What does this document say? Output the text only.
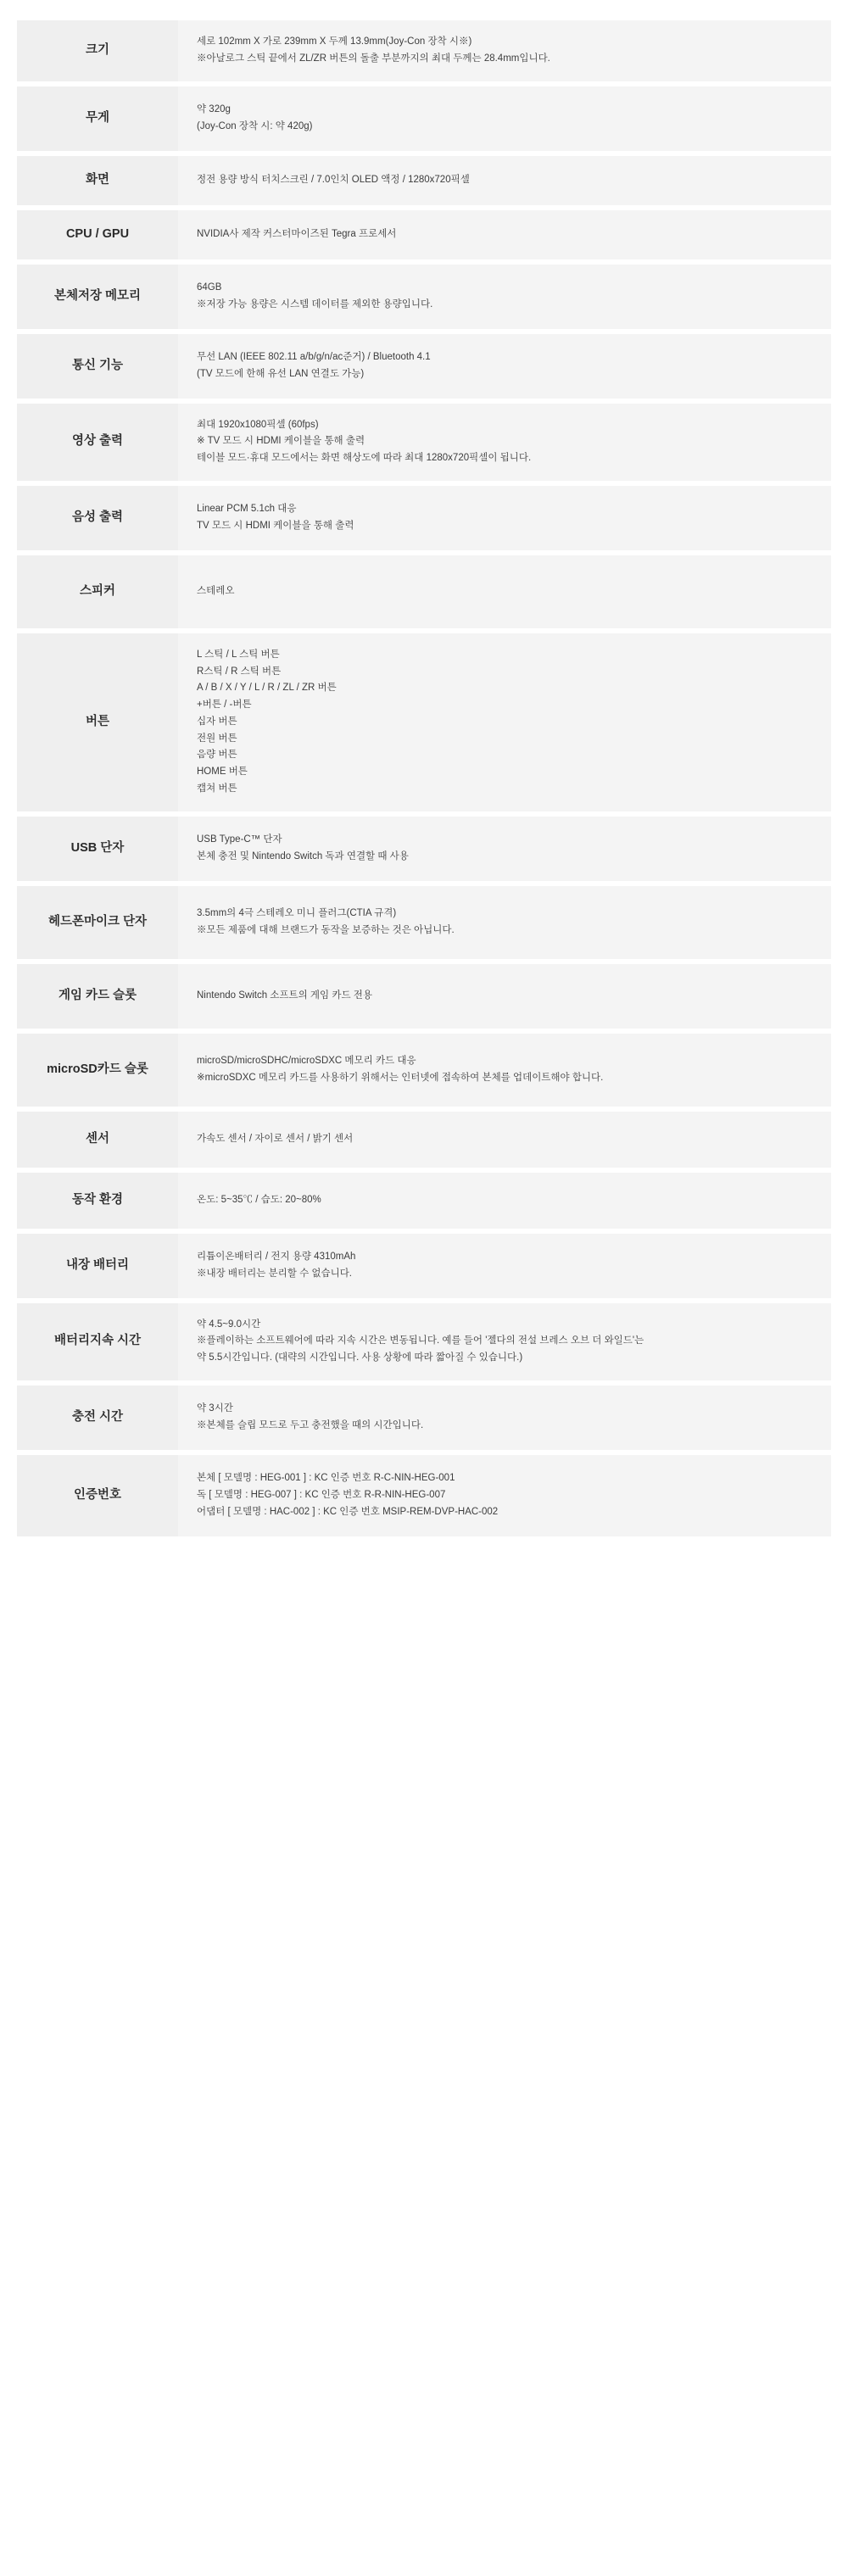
크기	세로 102mm X 가로 239mm X 두께 13.9mm(Joy-Con 장착 시※)
※아날로그 스틱 끝에서 ZL/ZR 버튼의 돌출 부분까지의 최대 두께는 28.4mm입니다.

무게	약 320g
(Joy-Con 장착 시: 약 420g)

화면	정전 용량 방식 터치스크린 / 7.0인치 OLED 액정 / 1280x720픽셀

CPU / GPU	NVIDIA사 제작 커스터마이즈된 Tegra 프로세서

본체저장 메모리	64GB
※저장 가능 용량은 시스템 데이터를 제외한 용량입니다.

통신 기능	무선 LAN (IEEE 802.11 a/b/g/n/ac준거) / Bluetooth 4.1
(TV 모드에 한해 유선 LAN 연결도 가능)

영상 출력	최대 1920x1080픽셀 (60fps)
※ TV 모드 시 HDMI 케이블을 통해 출력
테이블 모드·휴대 모드에서는 화면 해상도에 따라 최대 1280x720픽셀이 됩니다.

음성 출력	Linear PCM 5.1ch 대응
TV 모드 시 HDMI 케이블을 통해 출력

스피커	스테레오

버튼	
L 스틱 / L 스틱 버튼
R스틱 / R 스틱 버튼
A / B / X / Y / L / R / ZL / ZR 버튼
+버튼 / -버튼
십자 버튼
전원 버튼
음량 버튼
HOME 버튼
캡쳐 버튼

USB 단자	USB Type-C™ 단자
본체 충전 및 Nintendo Switch 독과 연결할 때 사용

헤드폰마이크 단자	3.5mm의 4극 스테레오 미니 플러그(CTIA 규격)
※모든 제품에 대해 브랜드가 동작을 보증하는 것은 아닙니다.

게임 카드 슬롯	Nintendo Switch 소프트의 게임 카드 전용

microSD카드 슬롯	microSD/microSDHC/microSDXC 메모리 카드 대응
※microSDXC 메모리 카드를 사용하기 위해서는 인터넷에 접속하여 본체를 업데이트해야 합니다.

센서	가속도 센서 / 자이로 센서 / 밝기 센서

동작 환경	온도: 5~35℃ / 습도: 20~80%

내장 배터리	리튬이온배터리 / 전지 용량 4310mAh
※내장 배터리는 분리할 수 없습니다.

배터리지속 시간	약 4.5~9.0시간
※플레이하는 소프트웨어에 따라 지속 시간은 변동됩니다. 예를 들어 '젤다의 전설 브레스 오브 더 와일드'는
약 5.5시간입니다. (대략의 시간입니다. 사용 상황에 따라 짧아질 수 있습니다.)

충전 시간	약 3시간
※본체를 슬립 모드로 두고 충전했을 때의 시간입니다.

인증번호	본체 [ 모델명 : HEG-001 ] : KC 인증 번호 R-C-NIN-HEG-001
독 [ 모델명 : HEG-007 ] : KC 인증 번호 R-R-NIN-HEG-007
어댑터 [ 모델명 : HAC-002 ] : KC 인증 번호 MSIP-REM-DVP-HAC-002
